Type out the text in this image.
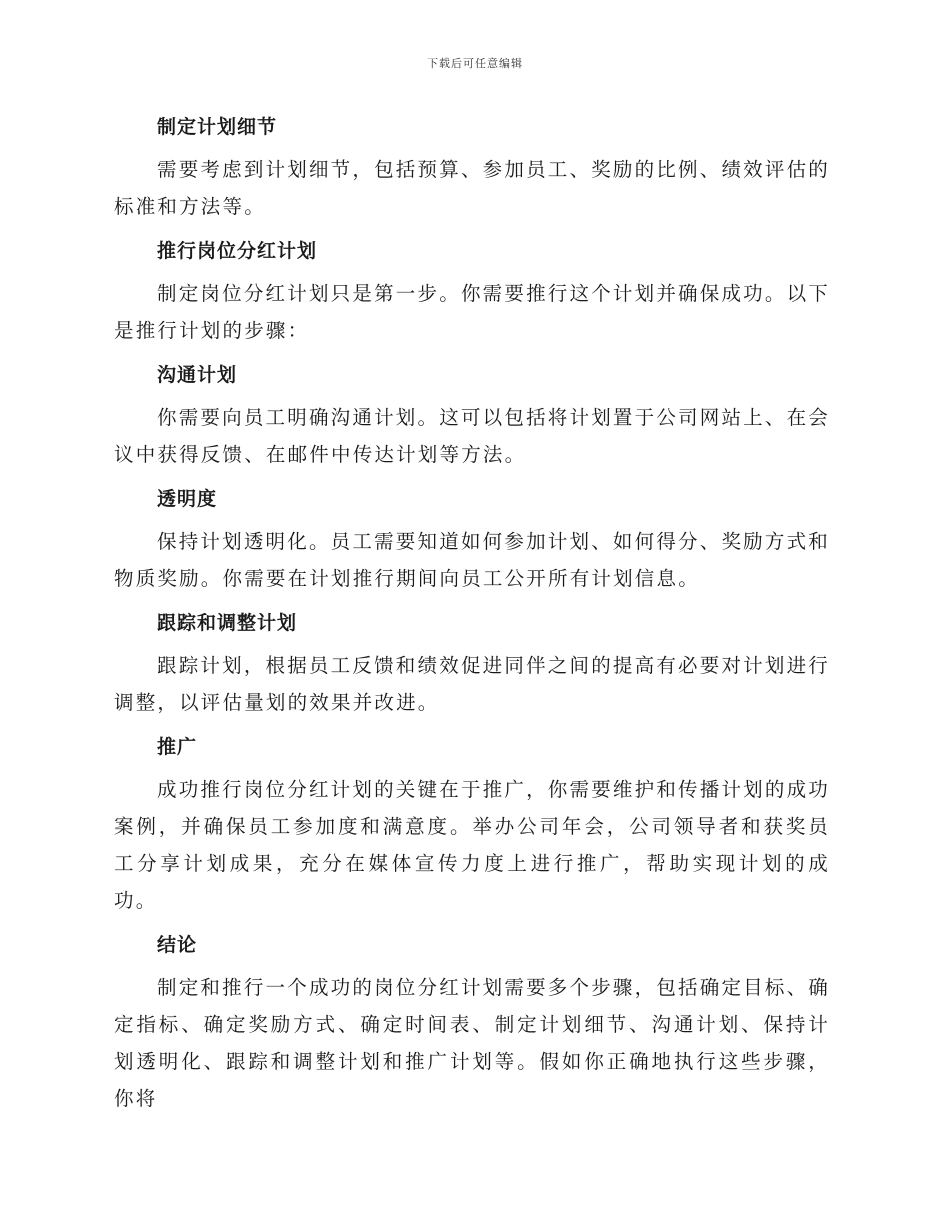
下载后可任意编辑
制定计划细节
需要考虑到计划细节，包括预算、参加员工、奖励的比例、绩效评估的标准和方法等。
推行岗位分红计划
制定岗位分红计划只是第一步。你需要推行这个计划并确保成功。以下是推行计划的步骤：
沟通计划
你需要向员工明确沟通计划。这可以包括将计划置于公司网站上、在会议中获得反馈、在邮件中传达计划等方法。
透明度
保持计划透明化。员工需要知道如何参加计划、如何得分、奖励方式和物质奖励。你需要在计划推行期间向员工公开所有计划信息。
跟踪和调整计划
跟踪计划，根据员工反馈和绩效促进同伴之间的提高有必要对计划进行调整，以评估量划的效果并改进。
推广
成功推行岗位分红计划的关键在于推广，你需要维护和传播计划的成功案例，并确保员工参加度和满意度。举办公司年会，公司领导者和获奖员工分享计划成果，充分在媒体宣传力度上进行推广，帮助实现计划的成功。
结论
制定和推行一个成功的岗位分红计划需要多个步骤，包括确定目标、确定指标、确定奖励方式、确定时间表、制定计划细节、沟通计划、保持计划透明化、跟踪和调整计划和推广计划等。假如你正确地执行这些步骤，你将
